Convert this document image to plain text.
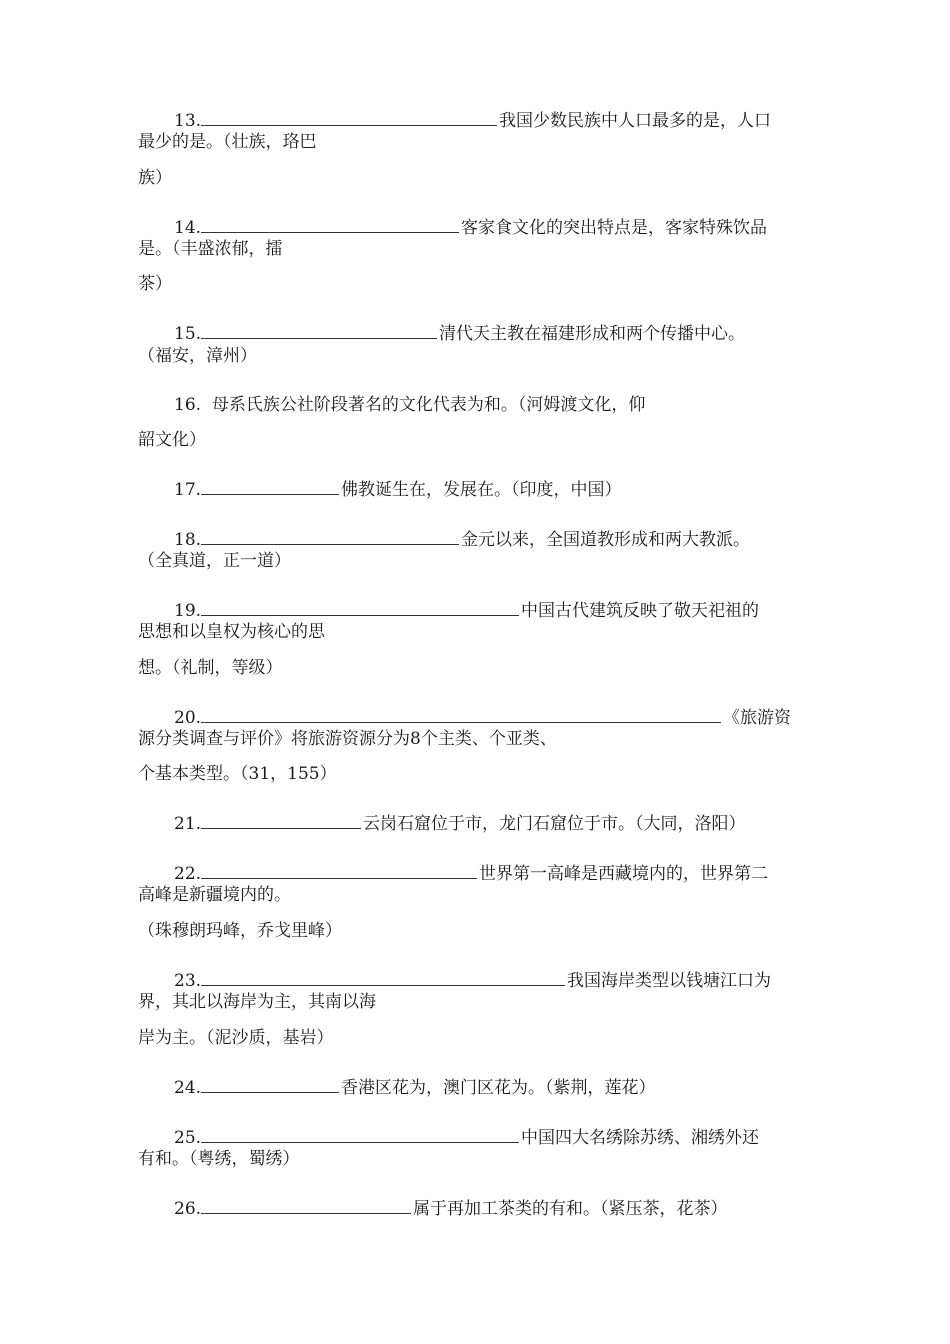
13.	我国少数民族中人口最多的是，人口
最少的是。（壮族，珞巴
族）
14.	客家食文化的突出特点是，客家特殊饮品
是。（丰盛浓郁，擂
茶）
15.	清代天主教在福建形成和两个传播中心。
（福安，漳州）
16. 母系氏族公社阶段著名的文化代表为和。（河姆渡文化，仰
韶文化）
17.	佛教诞生在，发展在。（印度，中国）
18.	金元以来，全国道教形成和两大教派。
（全真道，正一道）
19.	中国古代建筑反映了敬天祀祖的
思想和以皇权为核心的思
想。（礼制，等级）
20.	《旅游资
源分类调查与评价》将旅游资源分为8个主类、个亚类、
个基本类型。（31，155）
21.	云岗石窟位于市，龙门石窟位于市。（大同，洛阳）
22.	世界第一高峰是西藏境内的，世界第二
高峰是新疆境内的。
（珠穆朗玛峰，乔戈里峰）
23.	我国海岸类型以钱塘江口为
界，其北以海岸为主，其南以海
岸为主。（泥沙质，基岩）
24.	香港区花为，澳门区花为。（紫荆，莲花）
25.	中国四大名绣除苏绣、湘绣外还
有和。（粤绣，蜀绣）
26.	属于再加工茶类的有和。（紧压茶，花茶）
